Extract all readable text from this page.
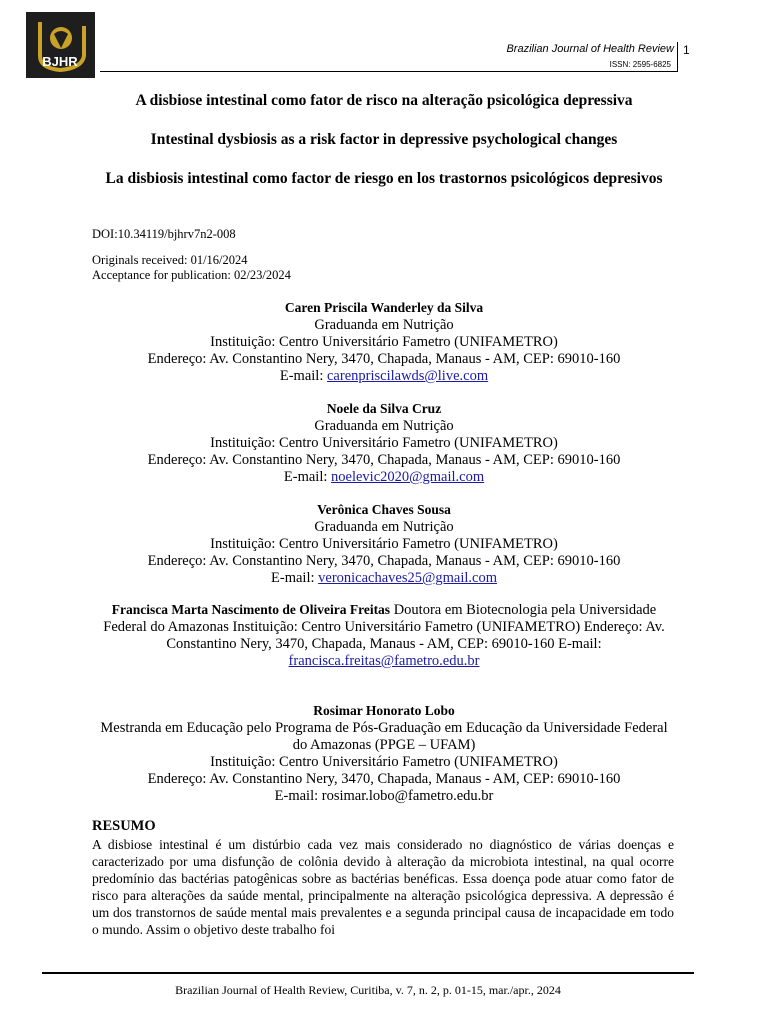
BJHR
Brazilian Journal of Health Review
ISSN: 2595-6825
1
A disbiose intestinal como fator de risco na alteração psicológica depressiva
Intestinal dysbiosis as a risk factor in depressive psychological changes
La disbiosis intestinal como factor de riesgo en los trastornos psicológicos depresivos
DOI:10.34119/bjhrv7n2-008
Originals received: 01/16/2024
Acceptance for publication: 02/23/2024
Caren Priscila Wanderley da Silva
Graduanda em Nutrição
Instituição: Centro Universitário Fametro (UNIFAMETRO)
Endereço: Av. Constantino Nery, 3470, Chapada, Manaus - AM, CEP: 69010-160
E-mail: carenpriscilawds@live.com
Noele da Silva Cruz
Graduanda em Nutrição
Instituição: Centro Universitário Fametro (UNIFAMETRO)
Endereço: Av. Constantino Nery, 3470, Chapada, Manaus - AM, CEP: 69010-160
E-mail: noelevic2020@gmail.com
Verônica Chaves Sousa
Graduanda em Nutrição
Instituição: Centro Universitário Fametro (UNIFAMETRO)
Endereço: Av. Constantino Nery, 3470, Chapada, Manaus - AM, CEP: 69010-160
E-mail: veronicachaves25@gmail.com
Francisca Marta Nascimento de Oliveira Freitas Doutora em Biotecnologia pela Universidade Federal do Amazonas Instituição: Centro Universitário Fametro (UNIFAMETRO) Endereço: Av. Constantino Nery, 3470, Chapada, Manaus - AM, CEP: 69010-160 E-mail: francisca.freitas@fametro.edu.br
Rosimar Honorato Lobo
Mestranda em Educação pelo Programa de Pós-Graduação em Educação da Universidade Federal do Amazonas (PPGE – UFAM)
Instituição: Centro Universitário Fametro (UNIFAMETRO)
Endereço: Av. Constantino Nery, 3470, Chapada, Manaus - AM, CEP: 69010-160
E-mail: rosimar.lobo@fametro.edu.br
RESUMO
A disbiose intestinal é um distúrbio cada vez mais considerado no diagnóstico de várias doenças e caracterizado por uma disfunção de colônia devido à alteração da microbiota intestinal, na qual ocorre predomínio das bactérias patogênicas sobre as bactérias benéficas. Essa doença pode atuar como fator de risco para alterações da saúde mental, principalmente na alteração psicológica depressiva. A depressão é um dos transtornos de saúde mental mais prevalentes e a segunda principal causa de incapacidade em todo o mundo. Assim o objetivo deste trabalho foi
Brazilian Journal of Health Review, Curitiba, v. 7, n. 2, p. 01-15, mar./apr., 2024
